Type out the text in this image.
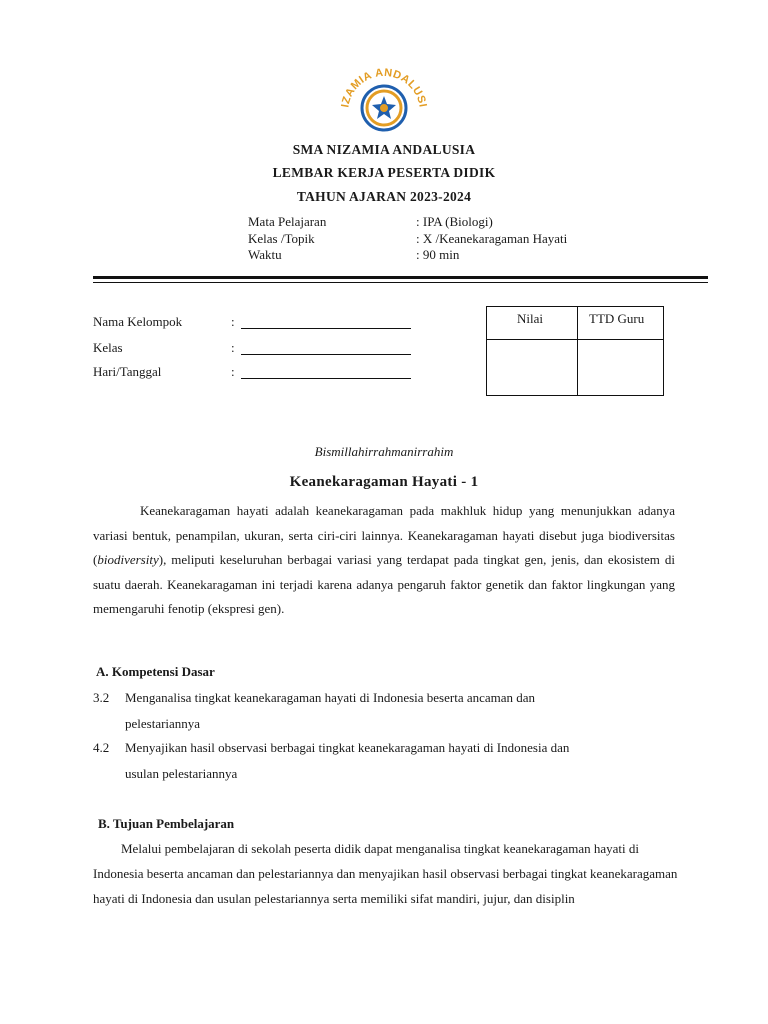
IZAMIA ANDALUSI
SMA NIZAMIA ANDALUSIA
LEMBAR KERJA PESERTA DIDIK
TAHUN AJARAN 2023-2024
Mata Pelajaran	: IPA (Biologi)
Kelas /Topik	: X /Keanekaragaman Hayati
Waktu	: 90 min
Nama Kelompok	:
Kelas	:
Hari/Tanggal	:
Nilai	TTD Guru
Bismillahirrahmanirrahim
Keanekaragaman Hayati - 1
Keanekaragaman hayati adalah keanekaragaman pada makhluk hidup yang menunjukkan adanya variasi bentuk, penampilan, ukuran, serta ciri-ciri lainnya. Keanekaragaman hayati disebut juga biodiversitas (biodiversity), meliputi keseluruhan berbagai variasi yang terdapat pada tingkat gen, jenis, dan ekosistem di suatu daerah. Keanekaragaman ini terjadi karena adanya pengaruh faktor genetik dan faktor lingkungan yang memengaruhi fenotip (ekspresi gen).
A. Kompetensi Dasar
3.2 Menganalisa tingkat keanekaragaman hayati di Indonesia beserta ancaman dan
pelestariannya
4.2 Menyajikan hasil observasi berbagai tingkat keanekaragaman hayati di Indonesia dan
usulan pelestariannya
B. Tujuan Pembelajaran
Melalui pembelajaran di sekolah peserta didik dapat menganalisa tingkat keanekaragaman hayati di Indonesia beserta ancaman dan pelestariannya dan menyajikan hasil observasi berbagai tingkat keanekaragaman hayati di Indonesia dan usulan pelestariannya serta memiliki sifat mandiri, jujur, dan disiplin
